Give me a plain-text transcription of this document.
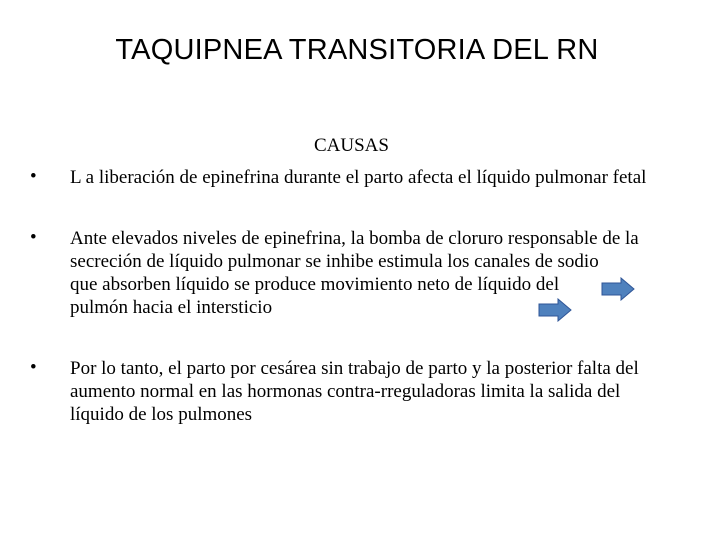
TAQUIPNEA TRANSITORIA DEL RN
CAUSAS
• L a liberación de epinefrina durante el parto afecta el líquido pulmonar fetal
• Ante elevados niveles de epinefrina, la bomba de cloruro responsable de la
secreción de líquido pulmonar se inhibe estimula los canales de sodio
que absorben líquido se produce movimiento neto de líquido del
pulmón hacia el intersticio
• Por lo tanto, el parto por cesárea sin trabajo de parto y la posterior falta del
aumento normal en las hormonas contra-rreguladoras limita la salida del
líquido de los pulmones
